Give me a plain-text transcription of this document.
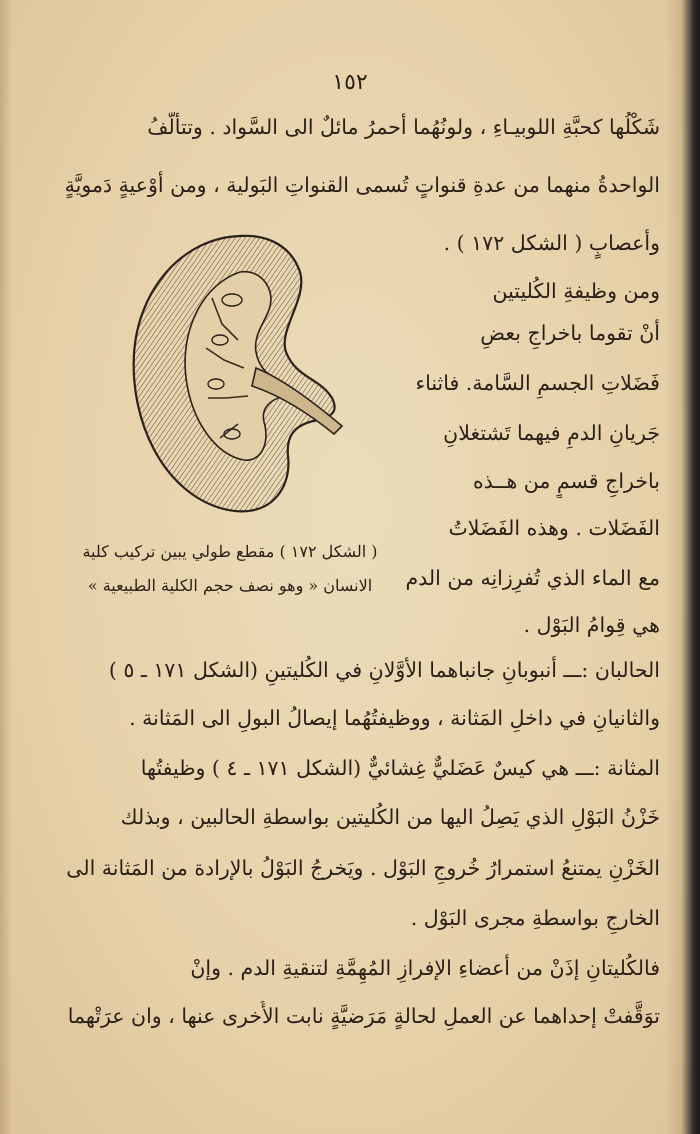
١٥٢
شَكْلُها كحبَّةِ اللوبيـاءِ ، ولونُهُما أحمرُ مائلٌ الى السَّواد . وتتألَّفُ
الواحدةُ منهما من عدةِ قنواتٍ تُسمى القنواتِ البَولية ، ومن أوْعيةٍ دَمويَّةٍ
وأعصابٍ ( الشكل ١٧٢ ) .
ومن وظيفةِ الكُليتين
أنْ تقوما باخراجِ بعضِ
فَضَلاتِ الجسمِ السَّامة. فاثناء
جَريانِ الدمِ فيهما تَشتغلانِ
باخراجِ قسمٍ من هــذه
الفَضَلات . وهذه الفَضَلاتُ
مع الماء الذي تُفرِزانِه من الدم
هي قِوامُ البَوْل .
( الشكل ١٧٢ ) مقطع طولي يبين تركيب كلية
الانسان « وهو نصف حجم الكلية الطبيعية »
الحالبان :ـــ أنبوبانِ جانباهما الأوَّلانِ في الكُليتينِ (الشكل ١٧١ ـ ٥ )
والثانيانِ في داخلِ المَثانة ، ووظيفتُهُما إيصالُ البولِ الى المَثانة .
المثانة :ـــ هي كيسٌ عَضَليٌّ غِشائيٌّ (الشكل ١٧١ ـ ٤ ) وظيفتُها
خَزْنُ البَوْلِ الذي يَصِلُ اليها من الكُليتين بواسطةِ الحالبين ، وبذلك
الخَزْنِ يمتنعُ استمرارُ خُروجِ البَوْل . ويَخرجُ البَوْلُ بالإرادة من المَثانة الى
الخارجِ بواسطةِ مجرى البَوْل .
فالكُليتانِ إذَنْ من أعضاءِ الإفرازِ المُهِمَّةِ لتنقيةِ الدم . وإنْ
توَقَّفتْ إحداهما عن العملِ لحالةٍ مَرَضيَّةٍ نابت الأُخرى عنها ، وان عرَتْهما
